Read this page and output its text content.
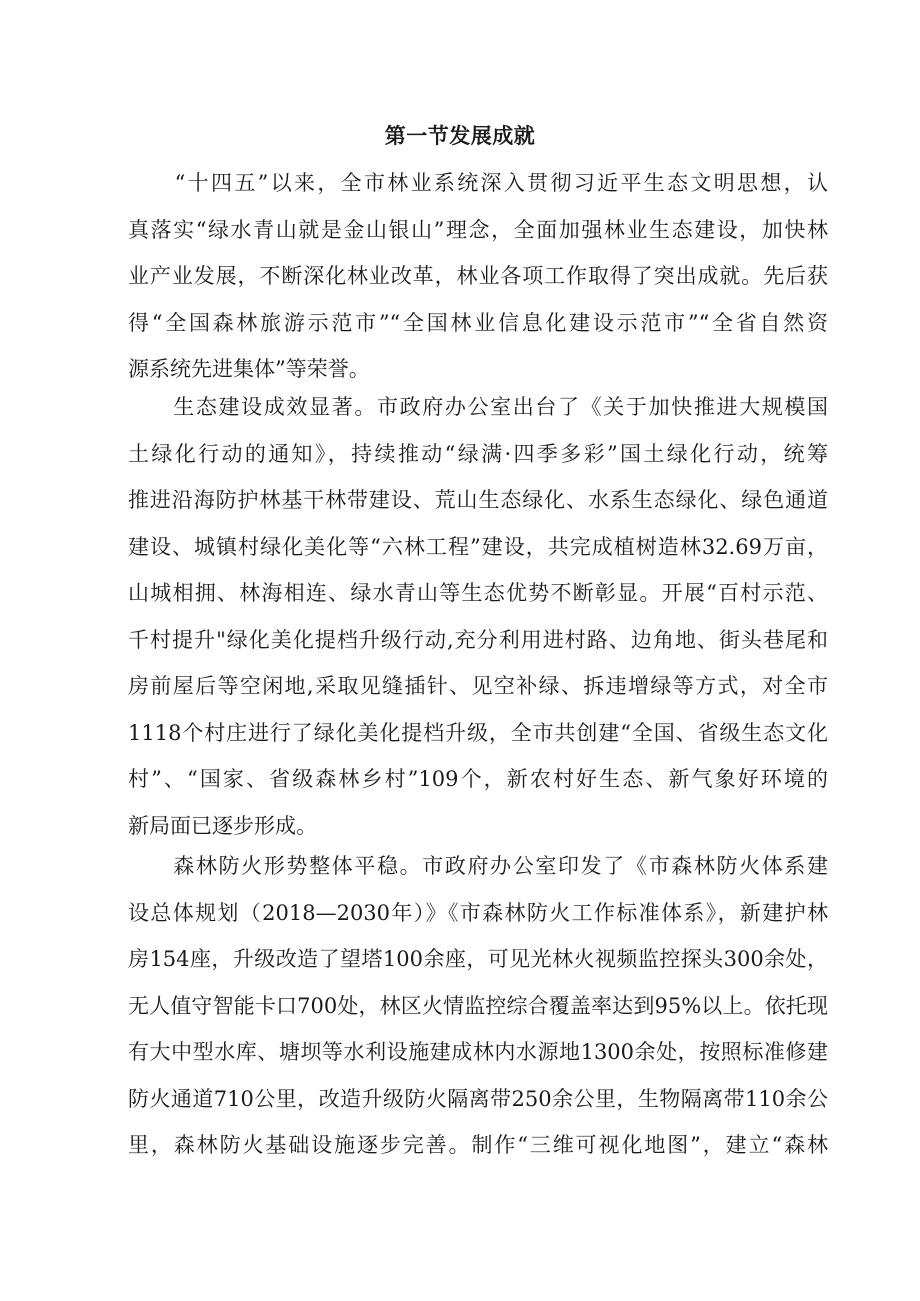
第一节发展成就
　　“十四五”以来，全市林业系统深入贯彻习近平生态文明思想，认
真落实“绿水青山就是金山银山”理念，全面加强林业生态建设，加快林
业产业发展，不断深化林业改革，林业各项工作取得了突出成就。先后获
得“全国森林旅游示范市”“全国林业信息化建设示范市”“全省自然资
源系统先进集体”等荣誉。
　　生态建设成效显著。市政府办公室出台了《关于加快推进大规模国
土绿化行动的通知》，持续推动“绿满·四季多彩”国土绿化行动，统筹
推进沿海防护林基干林带建设、荒山生态绿化、水系生态绿化、绿色通道
建设、城镇村绿化美化等“六林工程”建设，共完成植树造林32.69万亩，
山城相拥、林海相连、绿水青山等生态优势不断彰显。开展“百村示范、
千村提升"绿化美化提档升级行动,充分利用进村路、边角地、街头巷尾和
房前屋后等空闲地,采取见缝插针、见空补绿、拆违增绿等方式，对全市
1118个村庄进行了绿化美化提档升级，全市共创建“全国、省级生态文化
村”、“国家、省级森林乡村”109个，新农村好生态、新气象好环境的
新局面已逐步形成。
　　森林防火形势整体平稳。市政府办公室印发了《市森林防火体系建
设总体规划（2018—2030年）》《市森林防火工作标准体系》，新建护林
房154座，升级改造了望塔100余座，可见光林火视频监控探头300余处，
无人值守智能卡口700处，林区火情监控综合覆盖率达到95%以上。依托现
有大中型水库、塘坝等水利设施建成林内水源地1300余处，按照标准修建
防火通道710公里，改造升级防火隔离带250余公里，生物隔离带110余公
里，森林防火基础设施逐步完善。制作“三维可视化地图”，建立“森林
